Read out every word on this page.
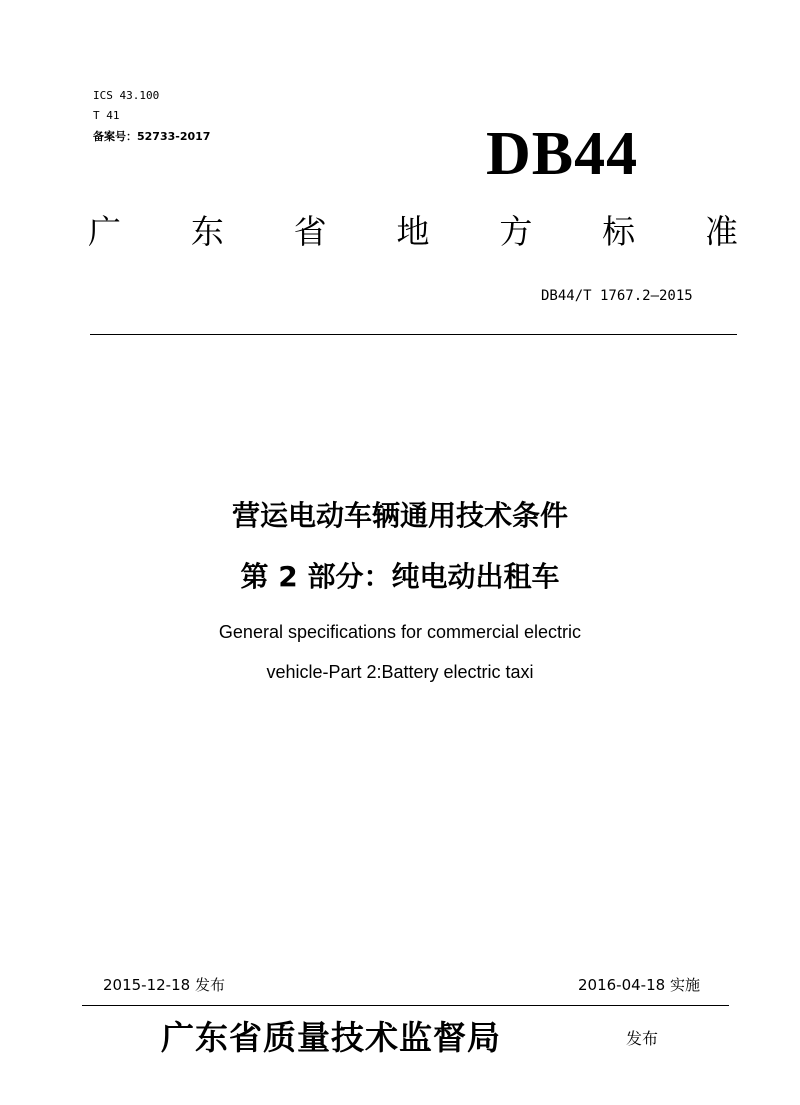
ICS 43.100
T 41
备案号：52733-2017	DB44
广 东 省 地 方 标 准
DB44/T 1767.2—2015
营运电动车辆通用技术条件
第 2 部分：纯电动出租车
General specifications for commercial electric
vehicle-Part 2:Battery electric taxi
2015-12-18 发布	2016-04-18 实施
广东省质量技术监督局	发布
